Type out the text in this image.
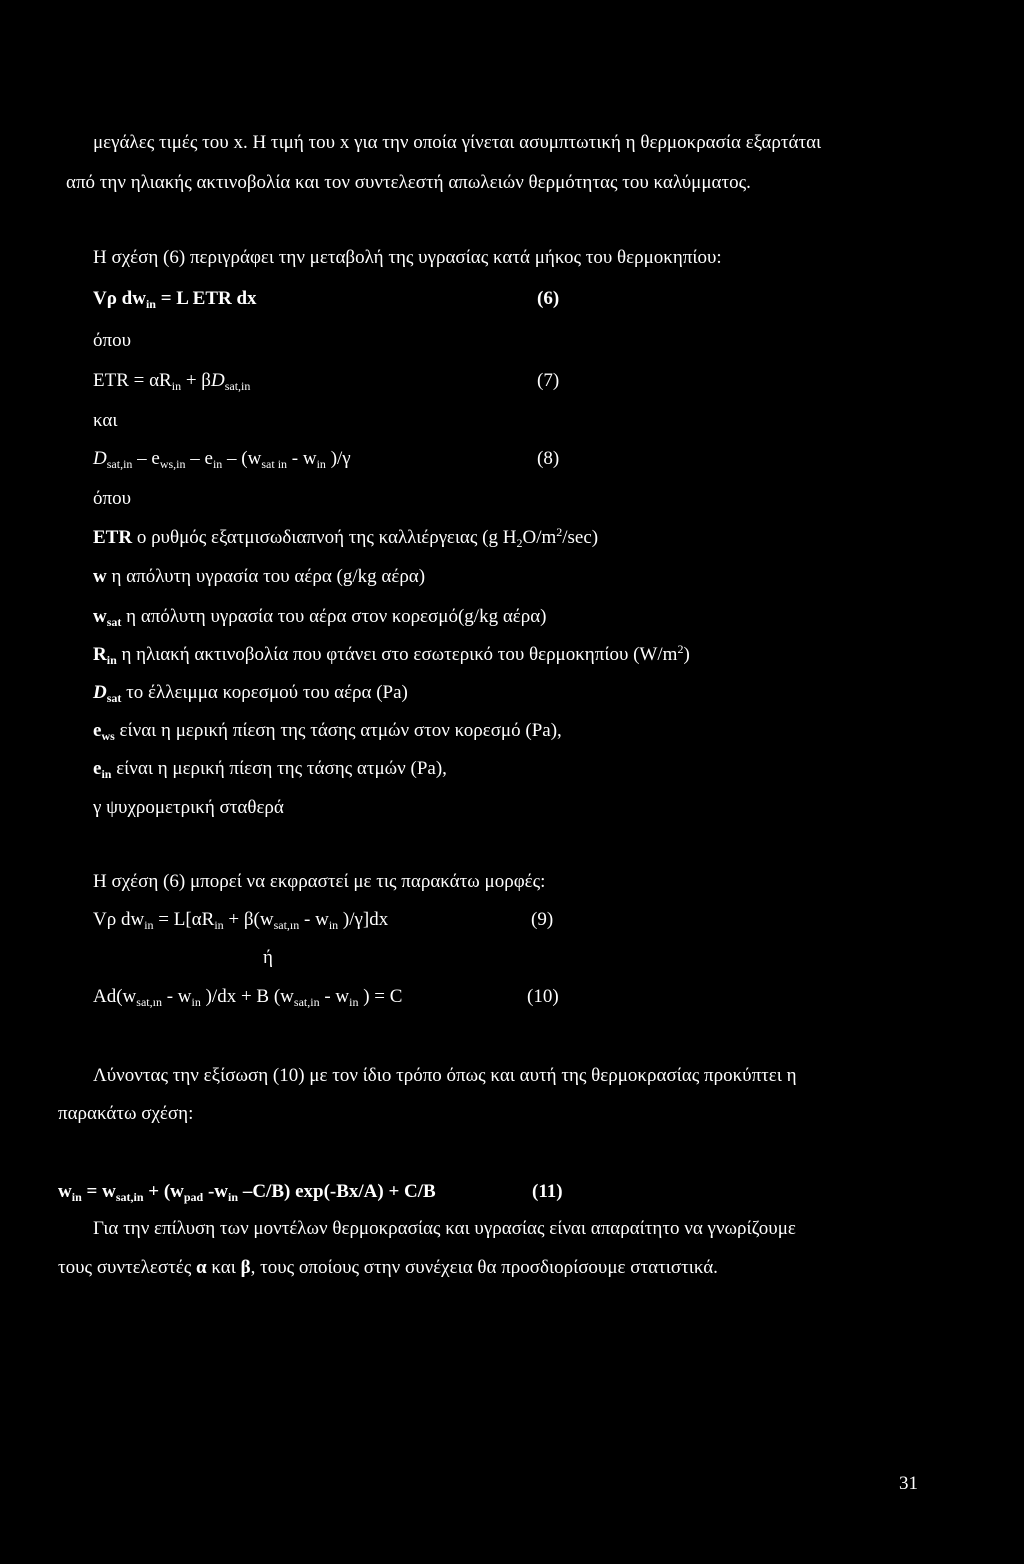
μεγάλες τιμές του x. Η τιμή του x για την οποία γίνεται ασυμπτωτική η θερμοκρασία εξαρτάται
από την ηλιακής ακτινοβολία και τον συντελεστή απωλειών θερμότητας του καλύμματος.
Η σχέση (6) περιγράφει την μεταβολή της υγρασίας κατά μήκος του θερμοκηπίου:
Vρ $dw_{in} = L$ ETR dx	(6)
όπου
ETR = $\alpha R_{in} + \beta D_{sat,in}$	(7)
και
$D_{sat,in} - e_{ws,in} - e_{in} - (w_{sat in} - w_{in}$ )/γ	(8)
όπου
ETR ο ρυθμός εξατμισωδιαπνοή της καλλιέργειας (g $H_2O/m^2/\sec$)
w η απόλυτη υγρασία του αέρα (g/kg αέρα)
$w_{sat}$ η απόλυτη υγρασία του αέρα στον κορεσμό(g/kg αέρα)
$R_{in}$ η ηλιακή ακτινοβολία που φτάνει στο εσωτερικό του θερμοκηπίου $(W/m^2)$
$D_{sat}$ το έλλειμμα κορεσμού του αέρα (Pa)
$e_{ws}$ είναι η μερική πίεση της τάσης ατμών στον κορεσμό (Pa),
$e_{in}$ είναι η μερική πίεση της τάσης ατμών (Pa),
γ ψυχρομετρική σταθερά
Η σχέση (6) μπορεί να εκφραστεί με τις παρακάτω μορφές:
Vρ $dw_{in} = L[\alpha R_{in} + \beta(w_{sat,ın} - w_{in}$ )/γ]dx	(9)
ή
$Ad(w_{sat,ın} - w_{in}$ )/dx + B ($w_{sat,in} - w_{in}$ ) = C	(10)
Λύνοντας την εξίσωση (10) με τον ίδιο τρόπο όπως και αυτή της θερμοκρασίας προκύπτει η
παρακάτω σχέση:
$w_{in} = w_{sat,in} + (w_{pad}$ $-w_{in}$ –C/B) exp(-Bx/A) + C/B	(11)
Για την επίλυση των μοντέλων θερμοκρασίας και υγρασίας είναι απαραίτητο να γνωρίζουμε
τους συντελεστές α και β, τους οποίους στην συνέχεια θα προσδιορίσουμε στατιστικά.
31
